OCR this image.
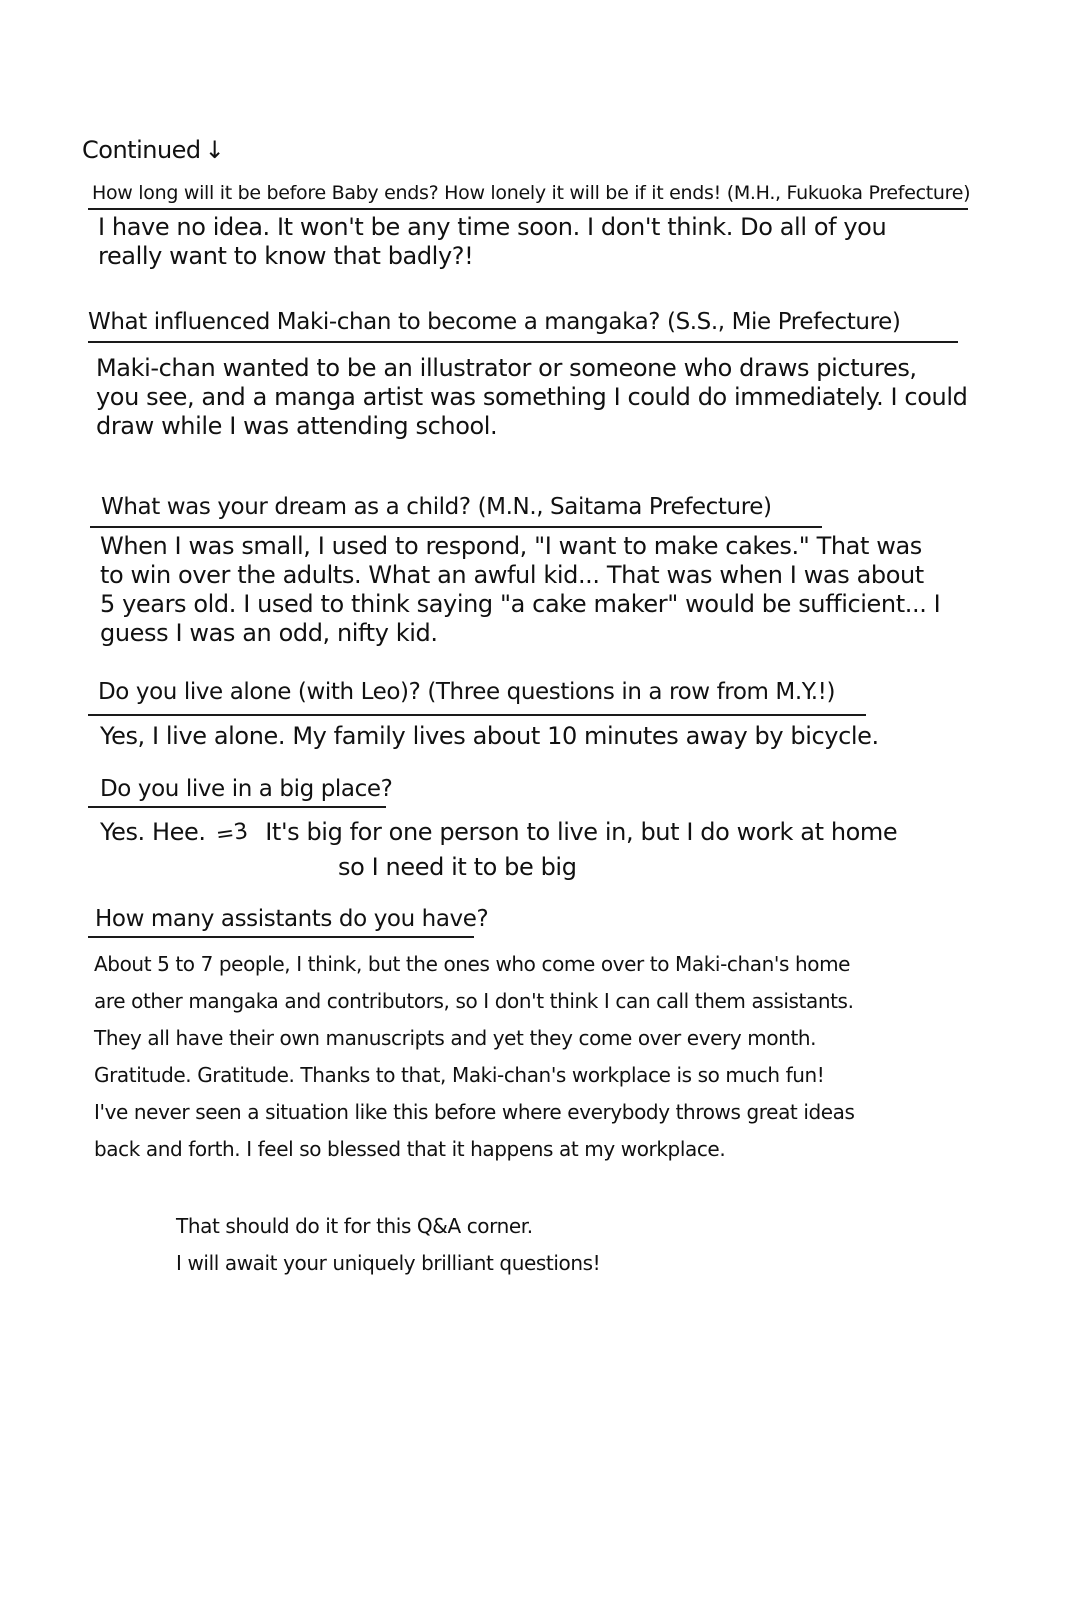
Continued ↓
How long will it be before Baby ends? How lonely it will be if it ends! (M.H., Fukuoka Prefecture)
I have no idea. It won't be any time soon. I don't think. Do all of you
really want to know that badly?!
What influenced Maki-chan to become a mangaka? (S.S., Mie Prefecture)
Maki-chan wanted to be an illustrator or someone who draws pictures,
you see, and a manga artist was something I could do immediately. I could
draw while I was attending school.
What was your dream as a child? (M.N., Saitama Prefecture)
When I was small, I used to respond, "I want to make cakes." That was
to win over the adults. What an awful kid... That was when I was about
5 years old. I used to think saying "a cake maker" would be sufficient... I
guess I was an odd, nifty kid.
Do you live alone (with Leo)? (Three questions in a row from M.Y.!)
Yes, I live alone. My family lives about 10 minutes away by bicycle.
Do you live in a big place?
Yes. Hee. =3 It's big for one person to live in, but I do work at home
so I need it to be big
How many assistants do you have?
About 5 to 7 people, I think, but the ones who come over to Maki-chan's home
are other mangaka and contributors, so I don't think I can call them assistants.
They all have their own manuscripts and yet they come over every month.
Gratitude. Gratitude. Thanks to that, Maki-chan's workplace is so much fun!
I've never seen a situation like this before where everybody throws great ideas
back and forth. I feel so blessed that it happens at my workplace.
That should do it for this Q&A corner.
I will await your uniquely brilliant questions!
